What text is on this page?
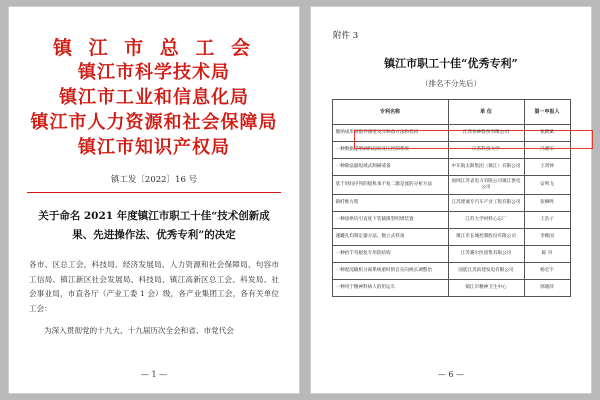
镇 江 市 总 工 会
镇江市科学技术局
镇江市工业和信息化局
镇江市人力资源和社会保障局
镇江市知识产权局
镇工发〔2022〕16 号
关于命名 2021 年度镇江市职工十佳“技术创新成果、先进操作法、优秀专利”的决定

各市、区总工会，科技局、经济发展局、人力资源和社会保障局、句容市工信局、镇江新区社会发展局、科技局、镇江高新区总工会、科发局、社会事业局，市直各厅（产业工委 1 会）级，各产业集团工会，各有关单位工会：

为深入贯彻党的十九大、十九届历次全会和省、市党代会

— 1 —
附件 3
镇江市职工十佳“优秀专利”
（排名不分先后）
专利名称	单 位	第一申报人
微纳成形局锻件薄壁及异种备方法和机构	江苏恒神股份有限公司	张跃斌
一种数据提增调机起动及压控制系统	江苏科技大学	冯潮军
一种除法器短域式制刷戒备	中车航太限集团（镇江）有限公司	王剑钟
基于时间序列的船机承不复二激是流的分析方法	国网江苏省电力有限公司镇江供电公司	安鸣飞
镇纤维方程	江苏建诚专汽车产业工程有限公司	张啊鸣
一种涂烘均引直度下装辅煤型明增装置	江苏大学材料心忘厂	王浩子
速罐孔均制定器方法、数立式样备	镇江市长城控制股份有限公司	李维国
一种抬千弯板复专用防结构	江苏赛尔医创集有限公司	陈 舟
一种混沌输机分离系统重时的自实向换长调整治	国能江苏滨建发电有限公司	杨宏宇
一种用于精神科病人的用运车	镇江市精神卫生中心	郭晓萍
— 6 —
